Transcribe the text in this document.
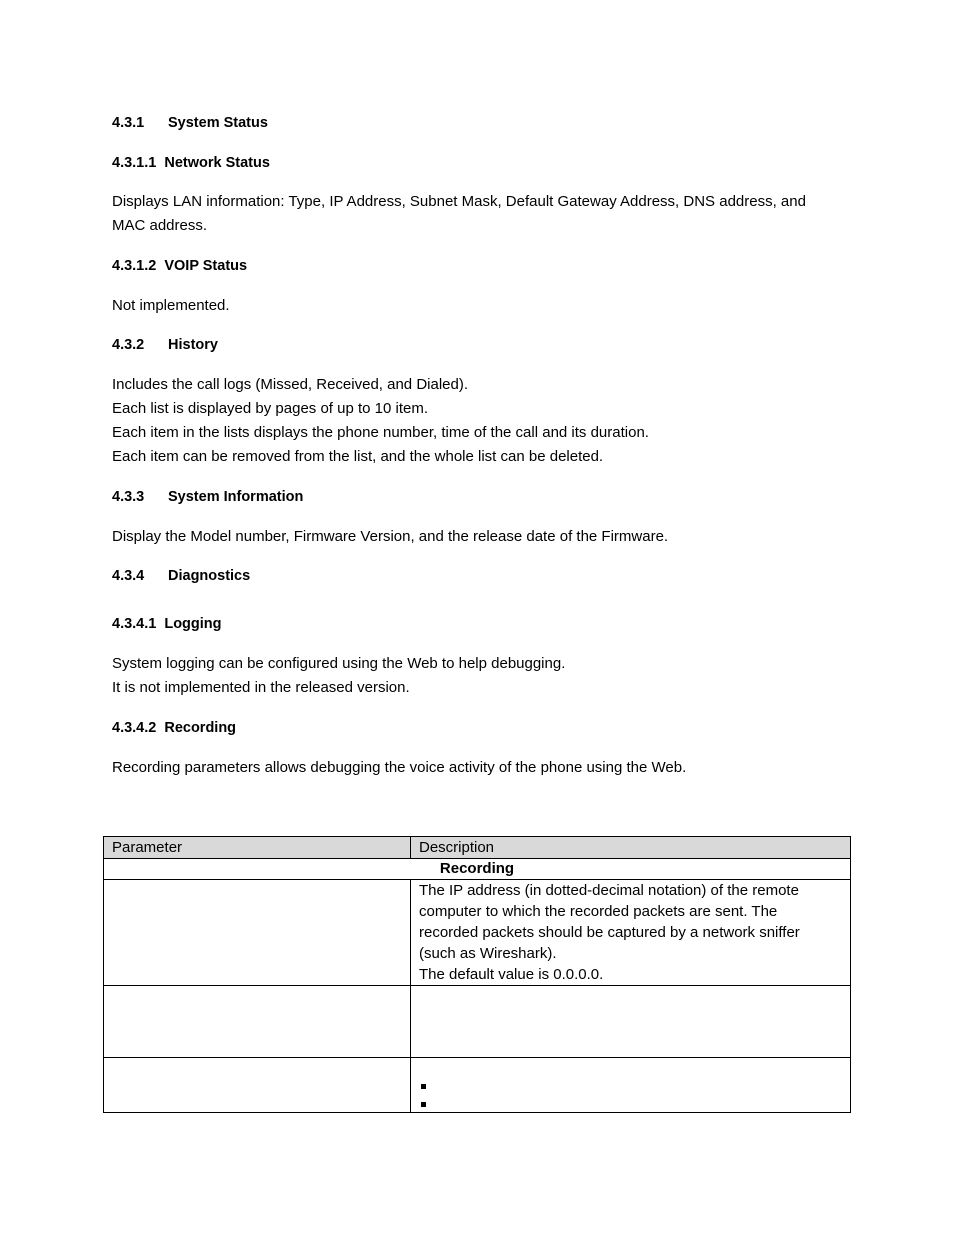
4.3.1 System Status
4.3.1.1 Network Status
Displays LAN information: Type, IP Address, Subnet Mask, Default Gateway Address, DNS address, and
MAC address.
4.3.1.2 VOIP Status
Not implemented.
4.3.2 History
Includes the call logs (Missed, Received, and Dialed).
Each list is displayed by pages of up to 10 item.
Each item in the lists displays the phone number, time of the call and its duration.
Each item can be removed from the list, and the whole list can be deleted.
4.3.3 System Information
Display the Model number, Firmware Version, and the release date of the Firmware.
4.3.4 Diagnostics
4.3.4.1 Logging
System logging can be configured using the Web to help debugging.
It is not implemented in the released version.
4.3.4.2 Recording
Recording parameters allows debugging the voice activity of the phone using the Web.
Parameter	Description
Recording	

	The IP address (in dotted-decimal notation) of the remote
computer to which the recorded packets are sent. The
recorded packets should be captured by a network sniffer
(such as Wireshark).
The default value is 0.0.0.0.
